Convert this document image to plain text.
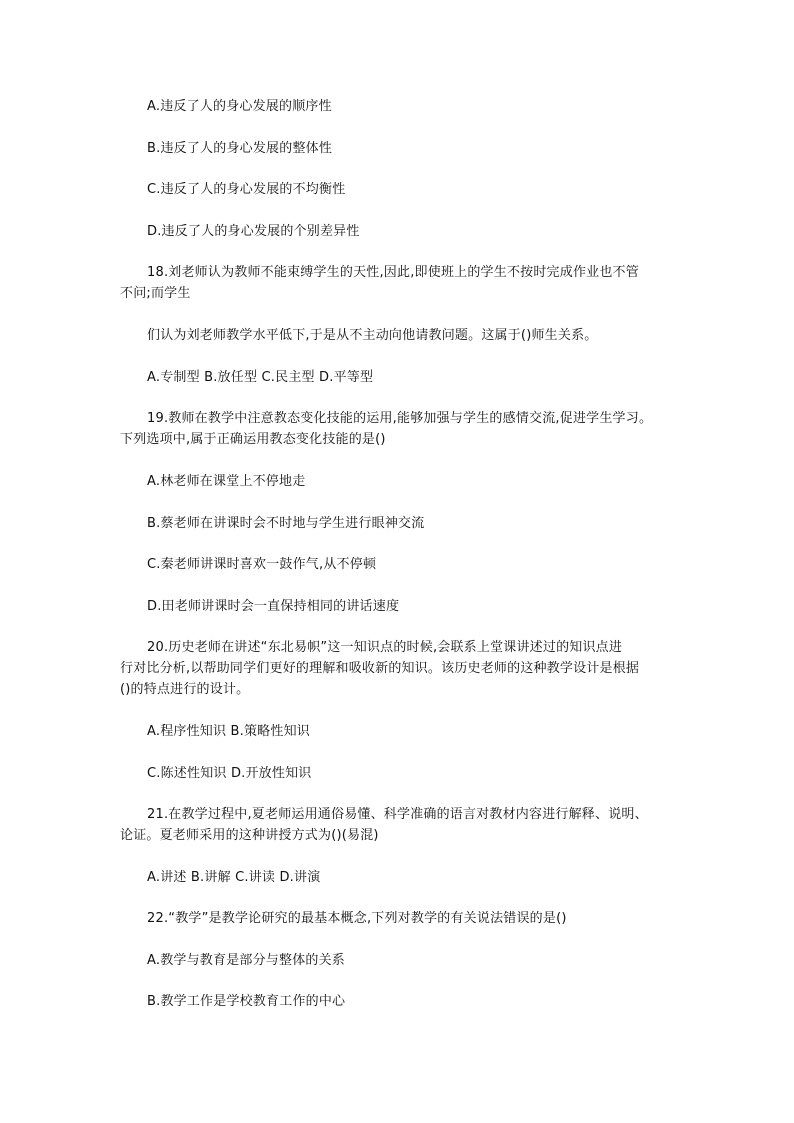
A.违反了人的身心发展的顺序性
B.违反了人的身心发展的整体性
C.违反了人的身心发展的不均衡性
D.违反了人的身心发展的个别差异性
18.刘老师认为教师不能束缚学生的天性,因此,即使班上的学生不按时完成作业也不管
不问;而学生
们认为刘老师教学水平低下,于是从不主动向他请教问题。这属于()师生关系。
A.专制型 B.放任型 C.民主型 D.平等型
19.教师在教学中注意教态变化技能的运用,能够加强与学生的感情交流,促进学生学习。
下列选项中,属于正确运用教态变化技能的是()
A.林老师在课堂上不停地走
B.蔡老师在讲课时会不时地与学生进行眼神交流
C.秦老师讲课时喜欢一鼓作气,从不停顿
D.田老师讲课时会一直保持相同的讲话速度
20.历史老师在讲述“东北易帜”这一知识点的时候,会联系上堂课讲述过的知识点进
行对比分析,以帮助同学们更好的理解和吸收新的知识。该历史老师的这种教学设计是根据
()的特点进行的设计。
A.程序性知识 B.策略性知识
C.陈述性知识 D.开放性知识
21.在教学过程中,夏老师运用通俗易懂、科学准确的语言对教材内容进行解释、说明、
论证。夏老师采用的这种讲授方式为()(易混)
A.讲述 B.讲解 C.讲读 D.讲演
22.“教学”是教学论研究的最基本概念,下列对教学的有关说法错误的是()
A.教学与教育是部分与整体的关系
B.教学工作是学校教育工作的中心
